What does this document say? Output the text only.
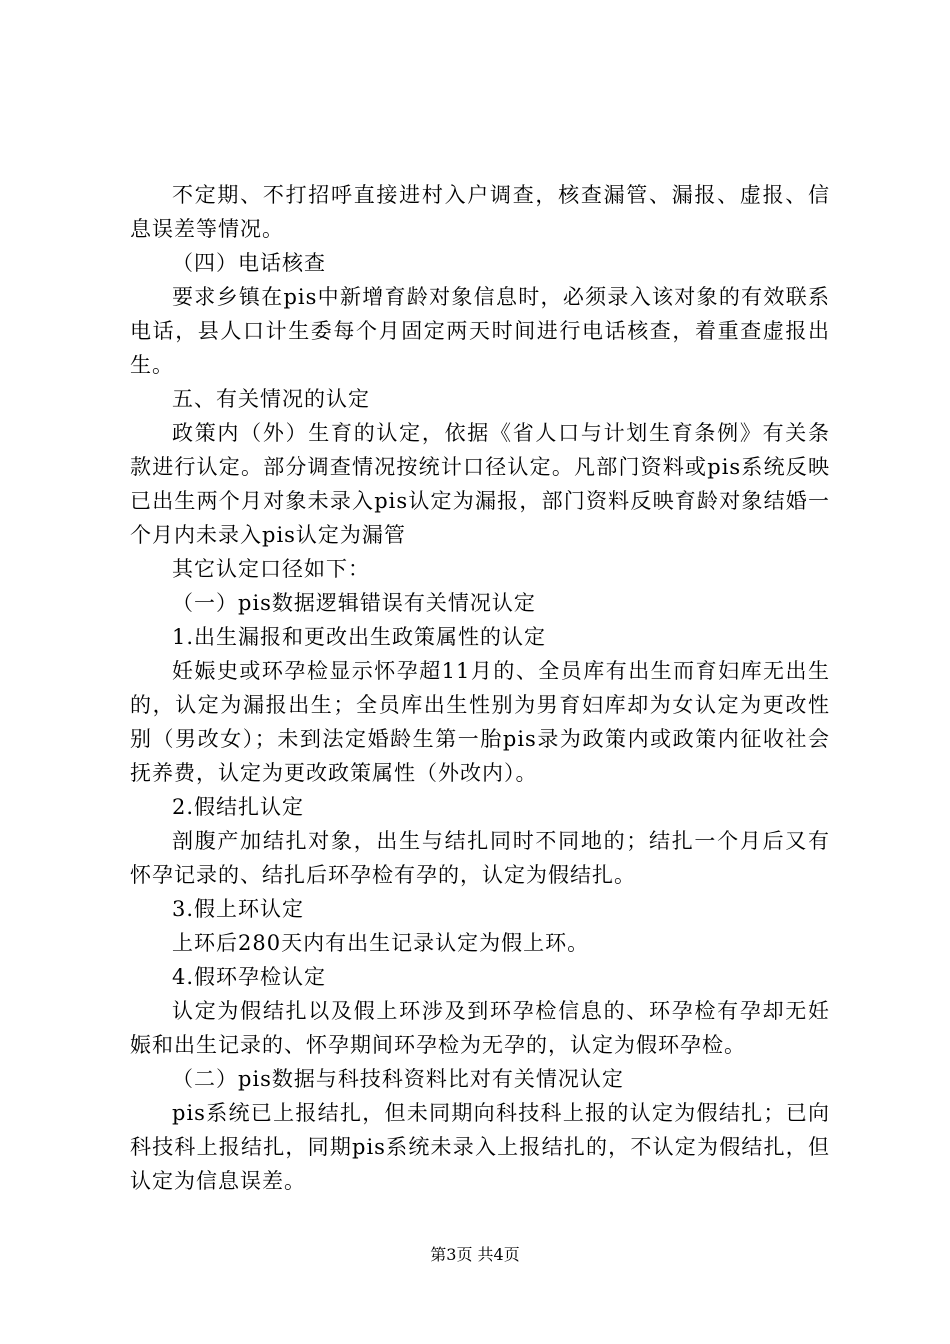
不定期、不打招呼直接进村入户调查，核查漏管、漏报、虚报、信息误差等情况。

（四）电话核查

要求乡镇在pis中新增育龄对象信息时，必须录入该对象的有效联系电话，县人口计生委每个月固定两天时间进行电话核查，着重查虚报出生。

五、有关情况的认定

政策内（外）生育的认定，依据《省人口与计划生育条例》有关条款进行认定。部分调查情况按统计口径认定。凡部门资料或pis系统反映已出生两个月对象未录入pis认定为漏报，部门资料反映育龄对象结婚一个月内未录入pis认定为漏管

其它认定口径如下：

（一）pis数据逻辑错误有关情况认定

1.出生漏报和更改出生政策属性的认定

妊娠史或环孕检显示怀孕超11月的、全员库有出生而育妇库无出生的，认定为漏报出生；全员库出生性别为男育妇库却为女认定为更改性别（男改女）；未到法定婚龄生第一胎pis录为政策内或政策内征收社会抚养费，认定为更改政策属性（外改内）。

2.假结扎认定

剖腹产加结扎对象，出生与结扎同时不同地的；结扎一个月后又有怀孕记录的、结扎后环孕检有孕的，认定为假结扎。

3.假上环认定

上环后280天内有出生记录认定为假上环。

4.假环孕检认定

认定为假结扎以及假上环涉及到环孕检信息的、环孕检有孕却无妊娠和出生记录的、怀孕期间环孕检为无孕的，认定为假环孕检。

（二）pis数据与科技科资料比对有关情况认定

pis系统已上报结扎，但未同期向科技科上报的认定为假结扎；已向科技科上报结扎，同期pis系统未录入上报结扎的，不认定为假结扎，但认定为信息误差。

第3页 共4页
